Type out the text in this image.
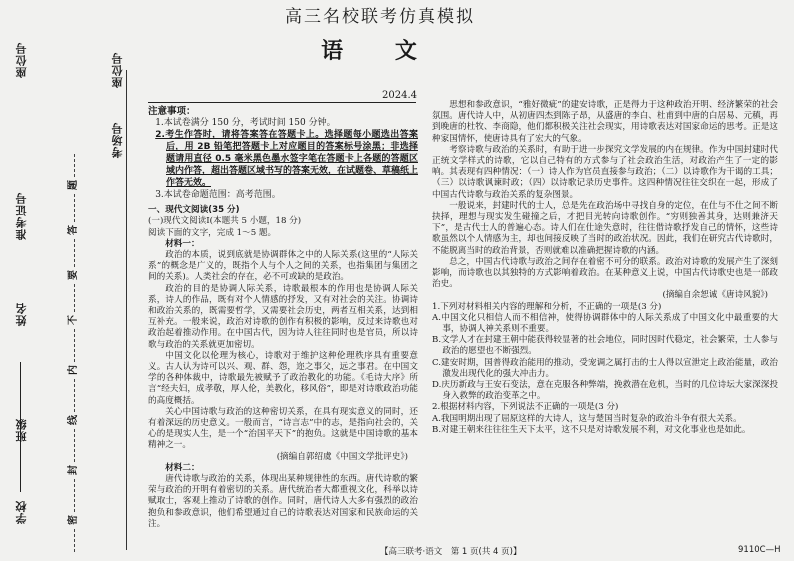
学校
班级
姓名
准考证号
考场号
座位号
座位号
密
封
线
内
不
要
答
题
高三名校联考仿真模拟
语 文
2024.4

注意事项：

1.本试卷满分 150 分，考试时间 150 分钟。

2.考生作答时，请将答案答在答题卡上。选择题每小题选出答案后，用 2B 铅笔把答题卡上对应题目的答案标号涂黑；非选择题请用直径 0.5 毫米黑色墨水签字笔在答题卡上各题的答题区域内作答，超出答题区域书写的答案无效，在试题卷、草稿纸上作答无效。

3.本试卷命题范围：高考范围。

一、现代文阅读(35 分)

(一)现代文阅读Ⅰ(本题共 5 小题，18 分)

阅读下面的文字，完成 1～5 题。

材料一：

政治的本质，说到底就是协调群体之中的人际关系(这里的“人际关系”的概念是广义的，既指个人与个人之间的关系，也指集团与集团之间的关系)。人类社会的存在，必不可或缺的是政治。

政治的目的是协调人际关系，诗歌最根本的作用也是协调人际关系，诗人的作品，既有对个人情感的抒发，又有对社会的关注。协调诗和政治关系的，既需要哲学，又需要社会历史，两者互相关系，达到相互补充。一般来说，政治对诗歌的创作有积极的影响，反过来诗歌也对政治起着推动作用。在中国古代，因为诗人往往同时也是官员，所以诗歌与政治的关系就更加密切。

中国文化以伦理为核心，诗歌对于维护这种伦理秩序具有重要意义。古人认为诗可以兴、观、群、怨，迩之事父，远之事君。在中国文学的各种体裁中，诗歌最先被赋予了政治教化的功能。《毛诗大序》所言“经夫妇，成孝敬，厚人伦，美教化，移风俗”，即是对诗歌政治功能的高度概括。

关心中国诗歌与政治的这种密切关系，在具有现实意义的同时，还有着深远的历史意义。一般而言，“诗言志”中的志，是指向社会的，关心的是现实人生，是一个“治国平天下”的抱负。这就是中国诗歌的基本精神之一。

(摘编自郭绍虞《中国文学批评史》)

材料二：

唐代诗歌与政治的关系，体现出某种规律性的东西。唐代诗歌的繁荣与政治的开明有着密切的关系。唐代统治者大都重视文化，科举以诗赋取士，客观上推动了诗歌的创作。同时，唐代诗人大多有强烈的政治抱负和参政意识，他们希望通过自己的诗歌表达对国家和民族命运的关注。

思想和参政意识，“雅好微疵”的建安诗歌，正是得力于这种政治开明、经济繁荣的社会氛围。唐代诗人中，从初唐四杰到陈子昂，从盛唐的李白、杜甫到中唐的白居易、元稹，再到晚唐的杜牧、李商隐，他们都积极关注社会现实，用诗歌表达对国家命运的思考。正是这种家国情怀，使唐诗具有了宏大的气象。

考察诗歌与政治的关系时，有助于进一步探究文学发展的内在规律。作为中国封建时代正统文学样式的诗歌，它以自己特有的方式参与了社会政治生活，对政治产生了一定的影响。其表现有四种情况：（一）诗人作为官员直接参与政治；（二）以诗歌作为干谒的工具；（三）以诗歌讽谏时政；（四）以诗歌记录历史事件。这四种情况往往交织在一起，形成了中国古代诗歌与政治关系的复杂图景。

一般说来，封建时代的士人，总是先在政治场中寻找自身的定位，在仕与不仕之间不断抉择，理想与现实发生碰撞之后，才把目光转向诗歌创作。“穷则独善其身，达则兼济天下”，是古代士人的普遍心态。诗人们在仕途失意时，往往借诗歌抒发自己的情怀，这些诗歌虽然以个人情感为主，却也间接反映了当时的政治状况。因此，我们在研究古代诗歌时，不能脱离当时的政治背景，否则就难以准确把握诗歌的内涵。

总之，中国古代诗歌与政治之间存在着密不可分的联系。政治对诗歌的发展产生了深刻影响，而诗歌也以其独特的方式影响着政治。在某种意义上说，中国古代诗歌史也是一部政治史。

(摘编自余恕诚《唐诗风貌》)

1.下列对材料相关内容的理解和分析，不正确的一项是(3 分)

A.中国文化只相信人而不相信神，使得协调群体中的人际关系成了中国文化中最重要的大事，协调人神关系则不重要。

B.文学人才在封建王朝中能获得较显著的社会地位，同时因时代稳定，社会繁荣，士人参与政治的愿望也不断强烈。

C.建安时期，国普得政治能用的推动，受宠调之属打击的士人得以宣泄定上政治能量，政治激发出现代化的强大冲击力。

D.庆历新政与王安石变法，意在克服各种弊端，挽救潜在危机，当时的几位诗坛大家深深投身入救弊的政治变革之中。

2.根据材料内容，下列说法不正确的一项是(3 分)

A.我国明期出现了屈原这样的大诗人，这与楚国当时复杂的政治斗争有很大关系。

B.对建王朝来往往往生天下太平，这不只是对诗歌发展不利，对文化事业也是如此。

【高三联考·语文　第 1 页(共 4 页)】	9110C—H
